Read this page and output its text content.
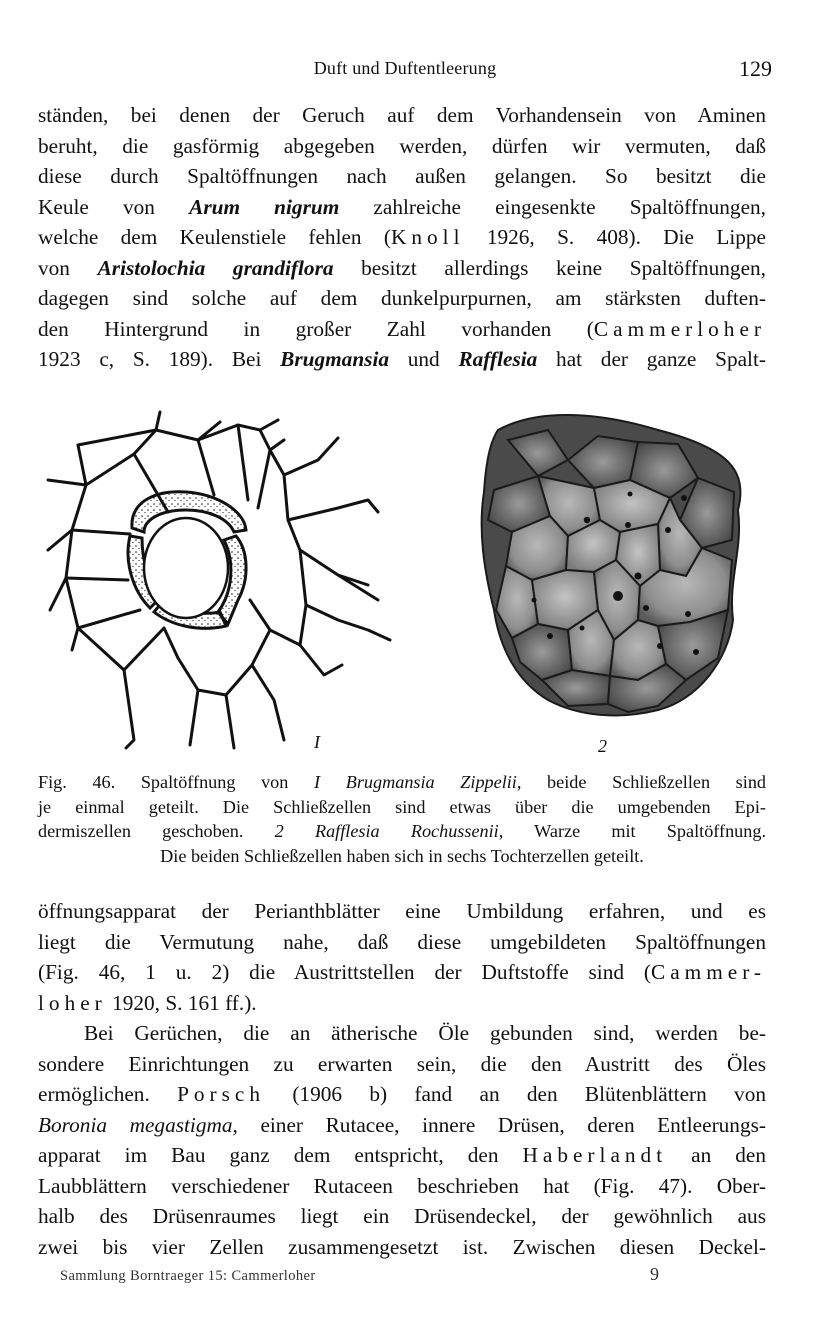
Duft und Duftentleerung	129
ständen, bei denen der Geruch auf dem Vorhandensein von Aminen
beruht, die gasförmig abgegeben werden, dürfen wir vermuten, daß
diese durch Spaltöffnungen nach außen gelangen. So besitzt die
Keule von Arum nigrum zahlreiche eingesenkte Spaltöffnungen,
welche dem Keulenstiele fehlen (Knoll 1926, S. 408). Die Lippe
von Aristolochia grandiflora besitzt allerdings keine Spaltöffnungen,
dagegen sind solche auf dem dunkelpurpurnen, am stärksten duften-
den Hintergrund in großer Zahl vorhanden (Cammerloher
1923 c, S. 189). Bei Brugmansia und Rafflesia hat der ganze Spalt-
I	2
Fig. 46. Spaltöffnung von I Brugmansia Zippelii, beide Schließzellen sind
je einmal geteilt. Die Schließzellen sind etwas über die umgebenden Epi-
dermiszellen geschoben. 2 Rafflesia Rochussenii, Warze mit Spaltöffnung.
Die beiden Schließzellen haben sich in sechs Tochterzellen geteilt.
öffnungsapparat der Perianthblätter eine Umbildung erfahren, und es
liegt die Vermutung nahe, daß diese umgebildeten Spaltöffnungen
(Fig. 46, 1 u. 2) die Austrittstellen der Duftstoffe sind (Cammer-
loher 1920, S. 161 ff.).
Bei Gerüchen, die an ätherische Öle gebunden sind, werden be-
sondere Einrichtungen zu erwarten sein, die den Austritt des Öles
ermöglichen. Porsch (1906 b) fand an den Blütenblättern von
Boronia megastigma, einer Rutacee, innere Drüsen, deren Entleerungs-
apparat im Bau ganz dem entspricht, den Haberlandt an den
Laubblättern verschiedener Rutaceen beschrieben hat (Fig. 47). Ober-
halb des Drüsenraumes liegt ein Drüsendeckel, der gewöhnlich aus
zwei bis vier Zellen zusammengesetzt ist. Zwischen diesen Deckel-
Sammlung Borntraeger 15: Cammerloher	9
